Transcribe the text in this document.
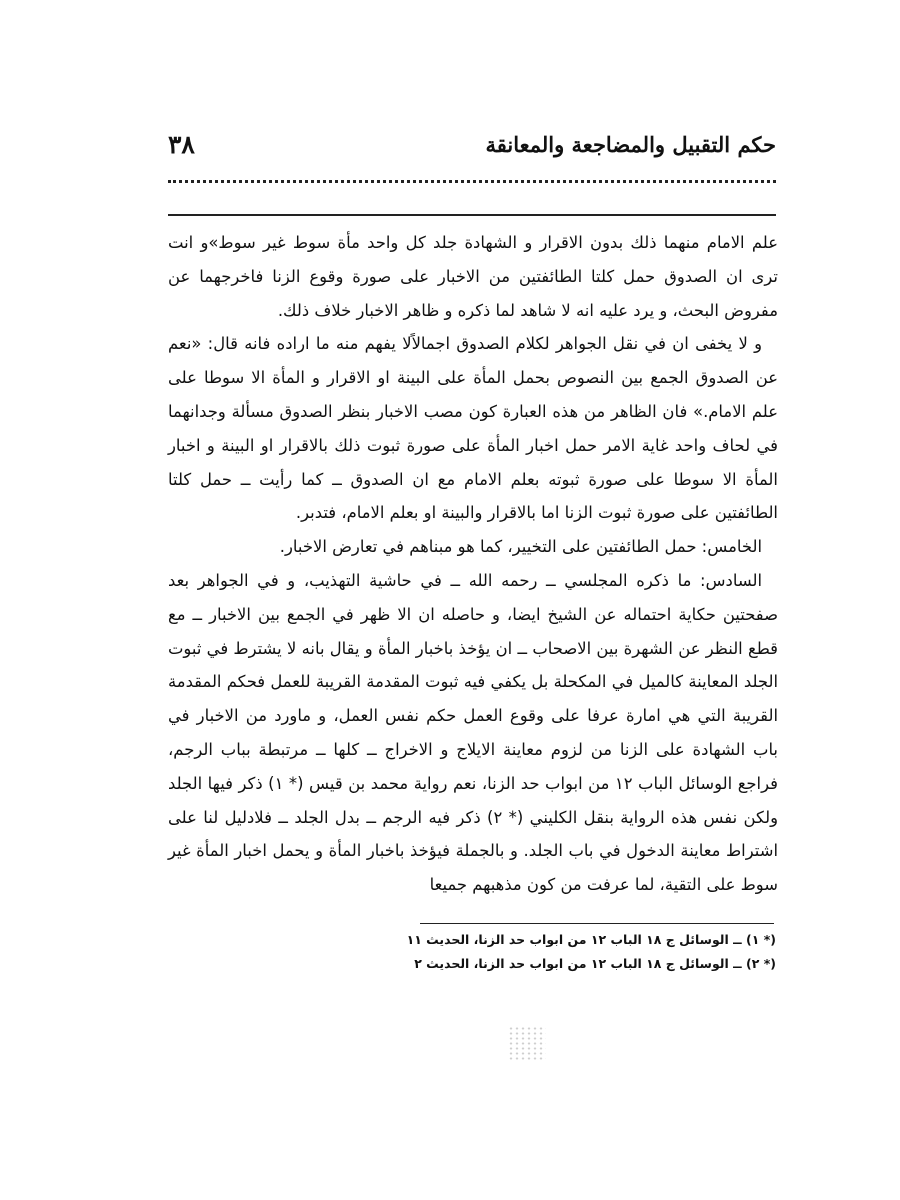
حكم التقبيل والمضاجعة والمعانقة
٣٨

علم الامام منهما ذلك بدون الاقرار و الشهادة جلد كل واحد مأة سوط غير سوط»و انت ترى ان الصدوق حمل كلتا الطائفتين من الاخبار على صورة وقوع الزنا فاخرجهما عن مفروض البحث، و يرد عليه انه لا شاهد لما ذكره و ظاهر الاخبار خلاف ذلك.

و لا يخفى ان في نقل الجواهر لكلام الصدوق اجمالاًلا يفهم منه ما اراده فانه قال: «نعم عن الصدوق الجمع بين النصوص بحمل المأة على البينة او الاقرار و المأة الا سوطا على علم الامام.» فان الظاهر من هذه العبارة كون مصب الاخبار بنظر الصدوق مسألة وجدانهما في لحاف واحد غاية الامر حمل اخبار المأة على صورة ثبوت ذلك بالاقرار او البينة و اخبار المأة الا سوطا على صورة ثبوته بعلم الامام مع ان الصدوق ــ كما رأيت ــ حمل كلتا الطائفتين على صورة ثبوت الزنا اما بالاقرار والبينة او بعلم الامام، فتدبر.

الخامس: حمل الطائفتين على التخيير، كما هو مبناهم في تعارض الاخبار.

السادس: ما ذكره المجلسي ــ رحمه الله ــ في حاشية التهذيب، و في الجواهر بعد صفحتين حكاية احتماله عن الشيخ ايضا، و حاصله ان الا ظهر في الجمع بين الاخبار ــ مع قطع النظر عن الشهرة بين الاصحاب ــ ان يؤخذ باخبار المأة و يقال بانه لا يشترط في ثبوت الجلد المعاينة كالميل في المكحلة بل يكفي فيه ثبوت المقدمة القريبة للعمل فحكم المقدمة القريبة التي هي امارة عرفا على وقوع العمل حكم نفس العمل، و ماورد من الاخبار في باب الشهادة على الزنا من لزوم معاينة الايلاج و الاخراج ــ كلها ــ مرتبطة بباب الرجم، فراجع الوسائل الباب ١٢ من ابواب حد الزنا، نعم رواية محمد بن قيس (* ١) ذكر فيها الجلد ولكن نفس هذه الرواية بنقل الكليني (* ٢) ذكر فيه الرجم ــ بدل الجلد ــ فلادليل لنا على اشتراط معاينة الدخول في باب الجلد. و بالجملة فيؤخذ باخبار المأة و يحمل اخبار المأة غير سوط على التقية، لما عرفت من كون مذهبهم جميعا

(* ١) ــ الوسائل ج ١٨ الباب ١٢ من ابواب حد الزنا، الحديث ١١

(* ٢) ــ الوسائل ج ١٨ الباب ١٢ من ابواب حد الزنا، الحديث ٢
